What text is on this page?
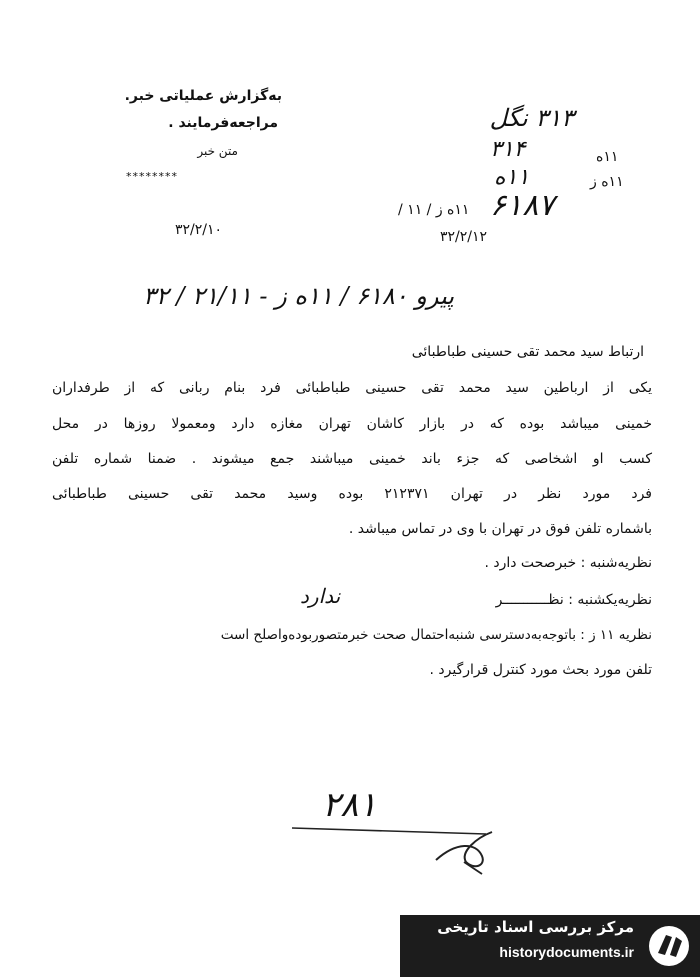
به‌گزارش عملیاتی خبر.
مراجعه‌فرمایند .
متن خبر
********
۳۲/۲/۱۰
۳۱۳ نگل
۳۱۴	۱۱ه
۱۱ه	۱۱ه ز
۶۱۸۷
۱۱ه ز / ۱۱ /
۳۲/۲/۱۲
پیرو ۶۱۸۰ / ۱۱ه ز - ۲۱/۱۱ / ۳۲
ارتباط سید محمد تقی حسینی طباطبائی
یکی از ارباطین سید محمد تقی حسینی طباطبائی فرد بنام ربانی که از طرفداران
خمینی میباشد بوده که در بازار کاشان تهران مغازه دارد ومعمولا روزها در محل
کسب او اشخاصی که جزء باند خمینی میباشند جمع میشوند . ضمنا شماره تلفن
فرد مورد نظر در تهران ۲۱۲۳۷۱ بوده وسید محمد تقی حسینی طباطبائی
باشماره تلفن فوق در تهران با وی در تماس میباشد .
نظریه‌شنبه : خبرصحت دارد .
نظریه‌یکشنبه : نظـــــــــــر
ندارد
نظریه ۱۱ ز : باتوجه‌به‌دسترسی شنبه‌احتمال صحت خبرمتصوربوده‌واصلح است
تلفن مورد بحث مورد کنترل قرار‌گیرد .
۲۸۱
مرکز بررسی اسناد تاریخی
historydocuments.ir
